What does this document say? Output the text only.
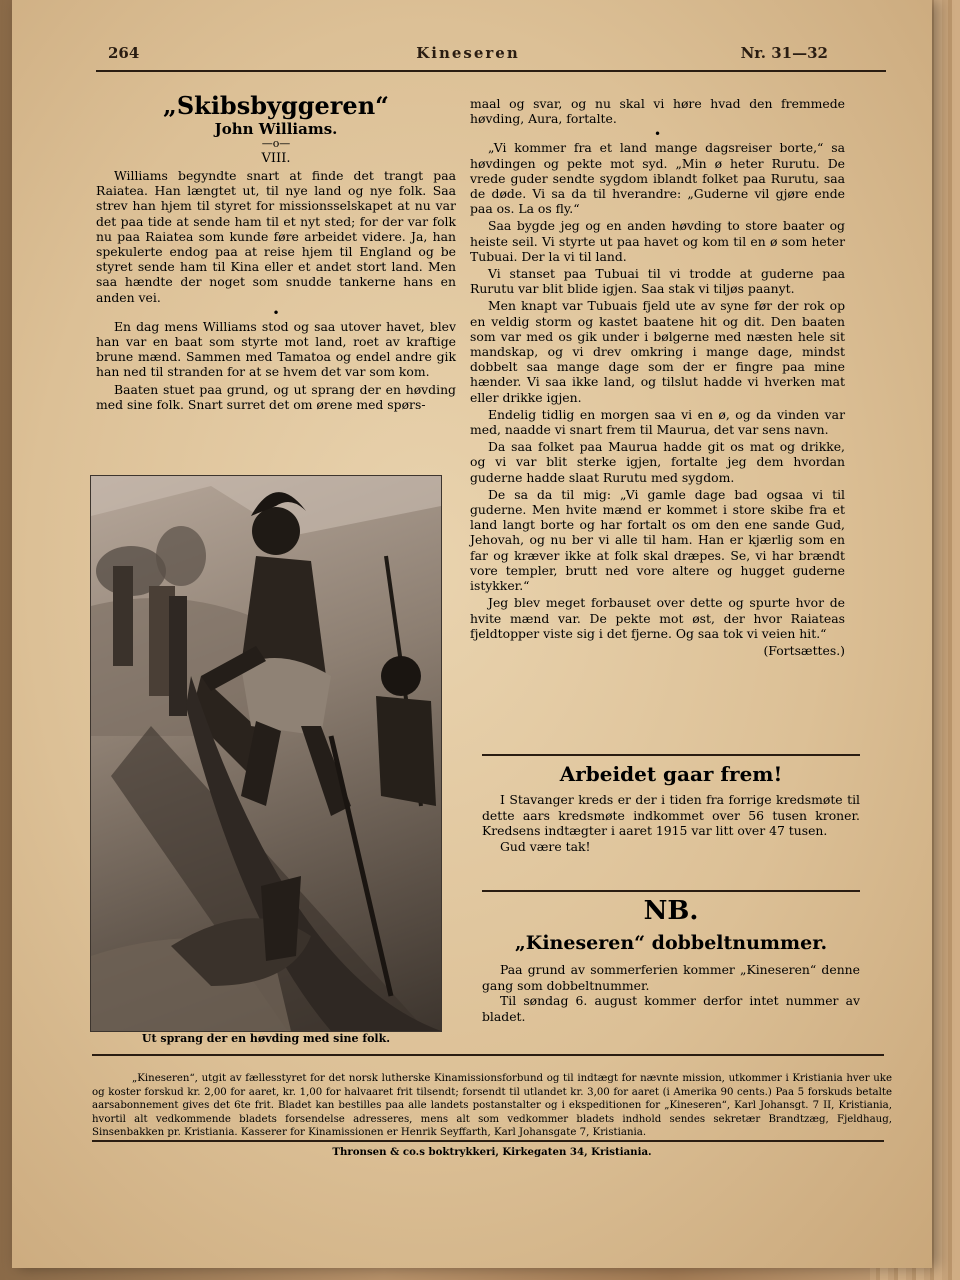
264	Kineseren	Nr. 31—32
„Skibsbyggeren“
John Williams.
—o—
VIII.

Williams begyndte snart at finde det trangt paa Raiatea. Han længtet ut, til nye land og nye folk. Saa strev han hjem til styret for missionsselskapet at nu var det paa tide at sende ham til et nyt sted; for der var folk nu paa Raiatea som kunde føre arbeidet videre. Ja, han spekulerte endog paa at reise hjem til England og be styret sende ham til Kina eller et andet stort land. Men saa hændte der noget som snudde tankerne hans en anden vei.

•

En dag mens Williams stod og saa utover havet, blev han var en baat som styrte mot land, roet av kraftige brune mænd. Sammen med Tamatoa og endel andre gik han ned til stranden for at se hvem det var som kom.

Baaten stuet paa grund, og ut sprang der en høvding med sine folk. Snart surret det om ørene med spørs-

Ut sprang der en høvding med sine folk.

maal og svar, og nu skal vi høre hvad den fremmede høvding, Aura, fortalte.

•

„Vi kommer fra et land mange dagsreiser borte,“ sa høvdingen og pekte mot syd. „Min ø heter Rurutu. De vrede guder sendte sygdom iblandt folket paa Rurutu, saa de døde. Vi sa da til hverandre: „Guderne vil gjøre ende paa os. La os fly.“

Saa bygde jeg og en anden høvding to store baater og heiste seil. Vi styrte ut paa havet og kom til en ø som heter Tubuai. Der la vi til land.

Vi stanset paa Tubuai til vi trodde at guderne paa Rurutu var blit blide igjen. Saa stak vi tiljøs paanyt.

Men knapt var Tubuais fjeld ute av syne før der rok op en veldig storm og kastet baatene hit og dit. Den baaten som var med os gik under i bølgerne med næsten hele sit mandskap, og vi drev omkring i mange dage, mindst dobbelt saa mange dage som der er fingre paa mine hænder. Vi saa ikke land, og tilslut hadde vi hverken mat eller drikke igjen.

Endelig tidlig en morgen saa vi en ø, og da vinden var med, naadde vi snart frem til Maurua, det var sens navn.

Da saa folket paa Maurua hadde git os mat og drikke, og vi var blit sterke igjen, fortalte jeg dem hvordan guderne hadde slaat Rurutu med sygdom.

De sa da til mig: „Vi gamle dage bad ogsaa vi til guderne. Men hvite mænd er kommet i store skibe fra et land langt borte og har fortalt os om den ene sande Gud, Jehovah, og nu ber vi alle til ham. Han er kjærlig som en far og kræver ikke at folk skal dræpes. Se, vi har brændt vore templer, brutt ned vore altere og hugget guderne istykker.“

Jeg blev meget forbauset over dette og spurte hvor de hvite mænd var. De pekte mot øst, der hvor Raiateas fjeldtopper viste sig i det fjerne. Og saa tok vi veien hit.“

(Fortsættes.)
Arbeidet gaar frem!

I Stavanger kreds er der i tiden fra forrige kredsmøte til dette aars kredsmøte indkommet over 56 tusen kroner. Kredsens indtægter i aaret 1915 var litt over 47 tusen.

Gud være tak!

NB.
„Kineseren“ dobbeltnummer.

Paa grund av sommerferien kommer „Kineseren“ denne gang som dobbeltnummer.

Til søndag 6. august kommer derfor intet nummer av bladet.

„Kineseren“, utgit av fællesstyret for det norsk lutherske Kinamissionsforbund og til indtægt for nævnte mission, utkommer i Kristiania hver uke og koster forskud kr. 2,00 for aaret, kr. 1,00 for halvaaret frit tilsendt; forsendt til utlandet kr. 3,00 for aaret (i Amerika 90 cents.) Paa 5 forskuds betalte aarsabonnement gives det 6te frit. Bladet kan bestilles paa alle landets postanstalter og i ekspeditionen for „Kineseren“, Karl Johansgt. 7 II, Kristiania, hvortil alt vedkommende bladets forsendelse adresseres, mens alt som vedkommer bladets indhold sendes sekretær Brandtzæg, Fjeldhaug, Sinsenbakken pr. Kristiania. Kasserer for Kinamissionen er Henrik Seyffarth, Karl Johansgate 7, Kristiania.

Thronsen & co.s boktrykkeri, Kirkegaten 34, Kristiania.
